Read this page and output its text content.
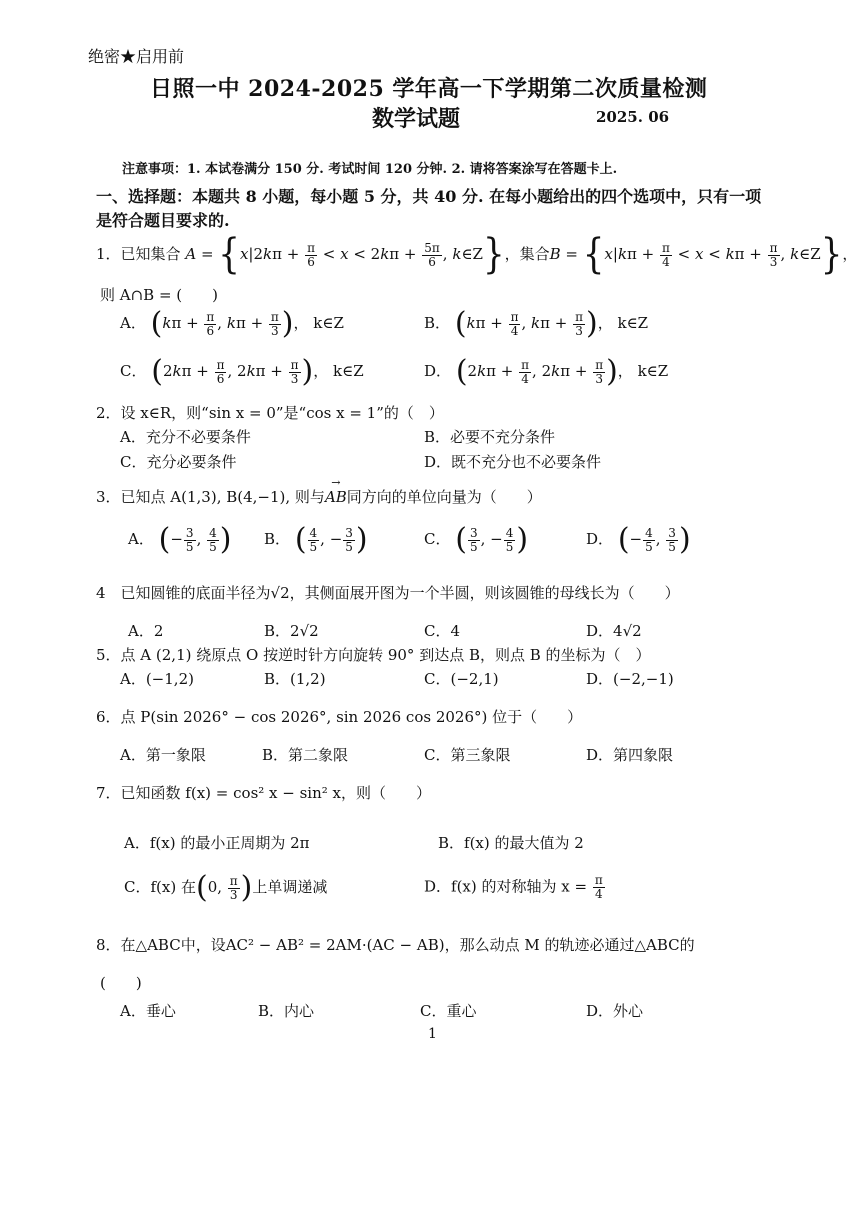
绝密★启用前
日照一中 2024-2025 学年高一下学期第二次质量检测
数学试题	2025. 06
注意事项：1. 本试卷满分 150 分. 考试时间 120 分钟. 2. 请将答案涂写在答题卡上.
一、选择题：本题共 8 小题，每小题 5 分，共 40 分. 在每小题给出的四个选项中，只有一项
是符合题目要求的.
1．已知集合 $A = \{x|2k\pi + \frac{\pi}{6} < x < 2k\pi + \frac{5\pi}{6}$ , k∈Z}，集合$B = \{x|k\pi + \frac{\pi}{4} < x < k\pi + \frac{\pi}{3}$ , k∈Z}，
则 A∩B = (　　)
A． ($k\pi + \frac{\pi}{6}$ , $k\pi + \frac{\pi}{3}$ )， k∈Z	B． ($k\pi + \frac{\pi}{4}$ , $k\pi + \frac{\pi}{3}$ )， k∈Z
C． ($2k\pi + \frac{\pi}{6}$ , $2k\pi + \frac{\pi}{3}$ )， k∈Z	D． ($2k\pi + \frac{\pi}{4}$ , $2k\pi + \frac{\pi}{3}$ )， k∈Z
2．设 x∈R，则“sin x = 0”是“cos x = 1”的（　）
A．充分不必要条件	B．必要不充分条件
C．充分必要条件	D．既不充分也不必要条件
3．已知点 A(1,3), B(4,−1), 则与→ AB同方向的单位向量为（　　）
A． (− $\frac{3}{5}$ , $\frac{4}{5}$ ) B． ( $\frac{4}{5}$ , − $\frac{3}{5}$ )	C． ( $\frac{3}{5}$ , − $\frac{4}{5}$ )	D． (− $\frac{4}{5}$ , $\frac{3}{5}$ )
4　已知圆锥的底面半径为√2，其侧面展开图为一个半圆，则该圆锥的母线长为（　　）
A．2	B．2√2	C．4	D．4√2
5．点 A (2,1) 绕原点 O 按逆时针方向旋转 90° 到达点 B，则点 B 的坐标为（　）
A．(−1,2)	B．(1,2)	C．(−2,1)	D．(−2,−1)
6．点 P(sin 2026° − cos 2026°, sin 2026 cos 2026°) 位于（　　）
A．第一象限	B．第二象限	C．第三象限	D．第四象限
7．已知函数 f(x) = cos² x − sin² x，则（　　）
A．f(x) 的最小正周期为 2π	B．f(x) 的最大值为 2
C．f(x) 在(0, $\frac{\pi}{3}$ )上单调递减	D．f(x) 的对称轴为 $x = \frac{\pi}{4}$
8．在△ABC中，设AC² − AB² = 2AM·(AC − AB)，那么动点 M 的轨迹必通过△ABC的
(　　)
A．垂心	B．内心	C．重心	D．外心
1
